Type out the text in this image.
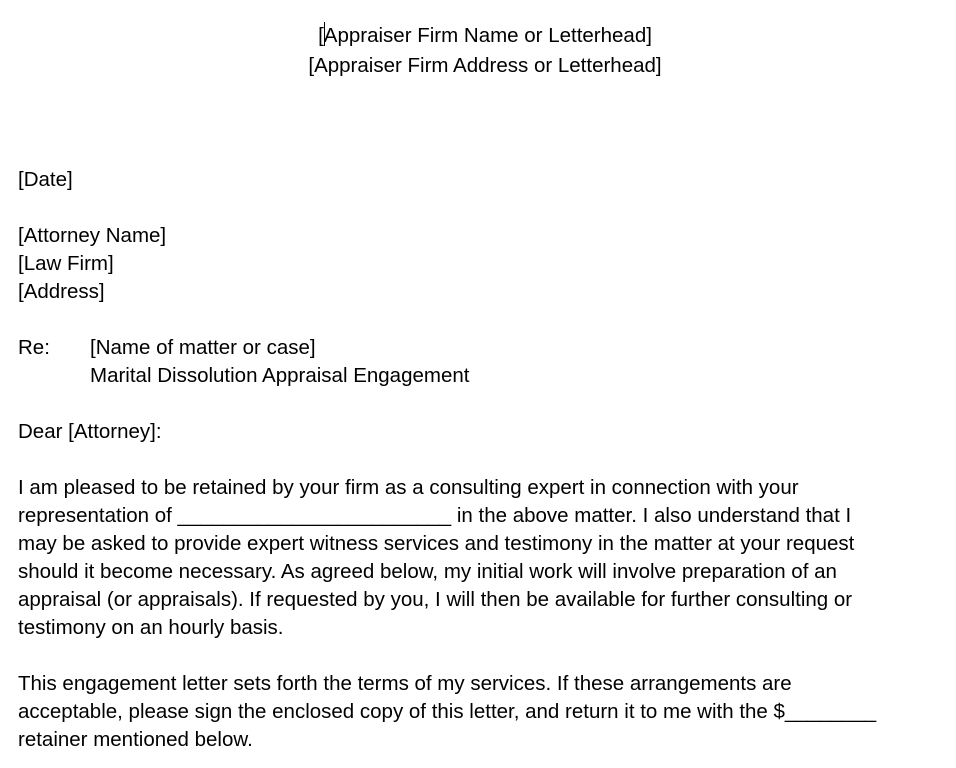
[Appraiser Firm Name or Letterhead]
[Appraiser Firm Address or Letterhead]
[Date]
[Attorney Name]
[Law Firm]
[Address]
Re: [Name of matter or case]
Marital Dissolution Appraisal Engagement
Dear [Attorney]:
I am pleased to be retained by your firm as a consulting expert in connection with your
representation of ________________________ in the above matter. I also understand that I
may be asked to provide expert witness services and testimony in the matter at your request
should it become necessary. As agreed below, my initial work will involve preparation of an
appraisal (or appraisals). If requested by you, I will then be available for further consulting or
testimony on an hourly basis.
This engagement letter sets forth the terms of my services. If these arrangements are
acceptable, please sign the enclosed copy of this letter, and return it to me with the $________
retainer mentioned below.
